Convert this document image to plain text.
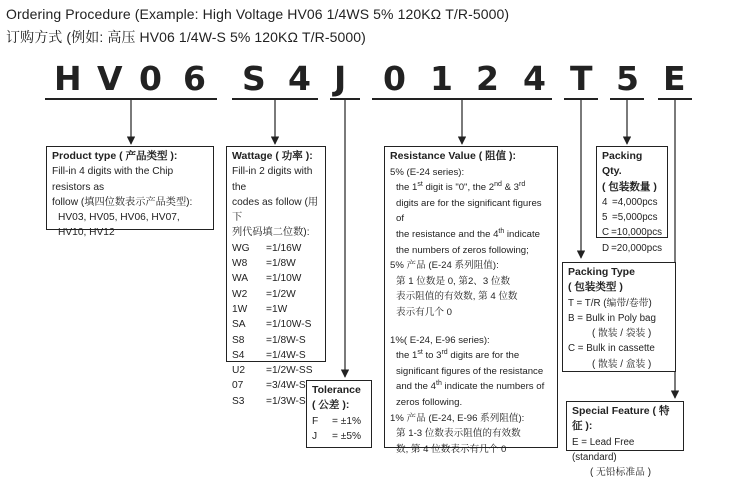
Ordering Procedure (Example: High Voltage HV06 1/4WS 5% 120KΩ T/R-5000)
订购方式 (例如: 高压 HV06 1/4W-S 5% 120KΩ T/R-5000)
H V 0 6 S 4 J 0 1 2 4 T 5 E
Product type ( 产品类型 ):
Fill-in 4 digits with the Chip resistors as
follow (填四位数表示产品类型):
HV03, HV05, HV06, HV07,
HV10, HV12
Wattage ( 功率 ):
Fill-in 2 digits with the
codes as follow (用下
列代码填二位数):
WG	=1/16W
W8	=1/8W
WA	=1/10W
W2	=1/2W
1W	=1W
SA	=1/10W-S
S8	=1/8W-S
S4	=1/4W-S
U2	=1/2W-SS
07	=3/4W-S
S3	=1/3W-S
Tolerance
( 公差 ):
F	= ±1%
J	= ±5%
Resistance Value ( 阻值 ):
5% (E-24 series):
the 1st digit is "0", the 2nd & 3rd
digits are for the significant figures of
the resistance and the 4th indicate
the numbers of zeros following;
5% 产品 (E-24 系列阻值):
第 1 位数是 0, 第2、3 位数
表示阻值的有效数, 第 4 位数
表示有几个 0
1%( E-24, E-96 series):
the 1st to 3rd digits are for the
significant figures of the resistance
and the 4th indicate the numbers of
zeros following.
1% 产品 (E-24, E-96 系列阻值):
第 1-3 位数表示阻值的有效数
数, 第 4 位数表示有几个 0
Packing Qty.
( 包装数量 )
4 =4,000pcs
5 =5,000pcs
C =10,000pcs
D =20,000pcs
Packing Type
( 包装类型 )
T = T/R (编带/卷带)
B = Bulk in Poly bag
( 散装 / 袋装 )
C = Bulk in cassette
( 散装 / 盒装 )
Special Feature ( 特征 ):
E = Lead Free (standard)
( 无铅标准品 )
